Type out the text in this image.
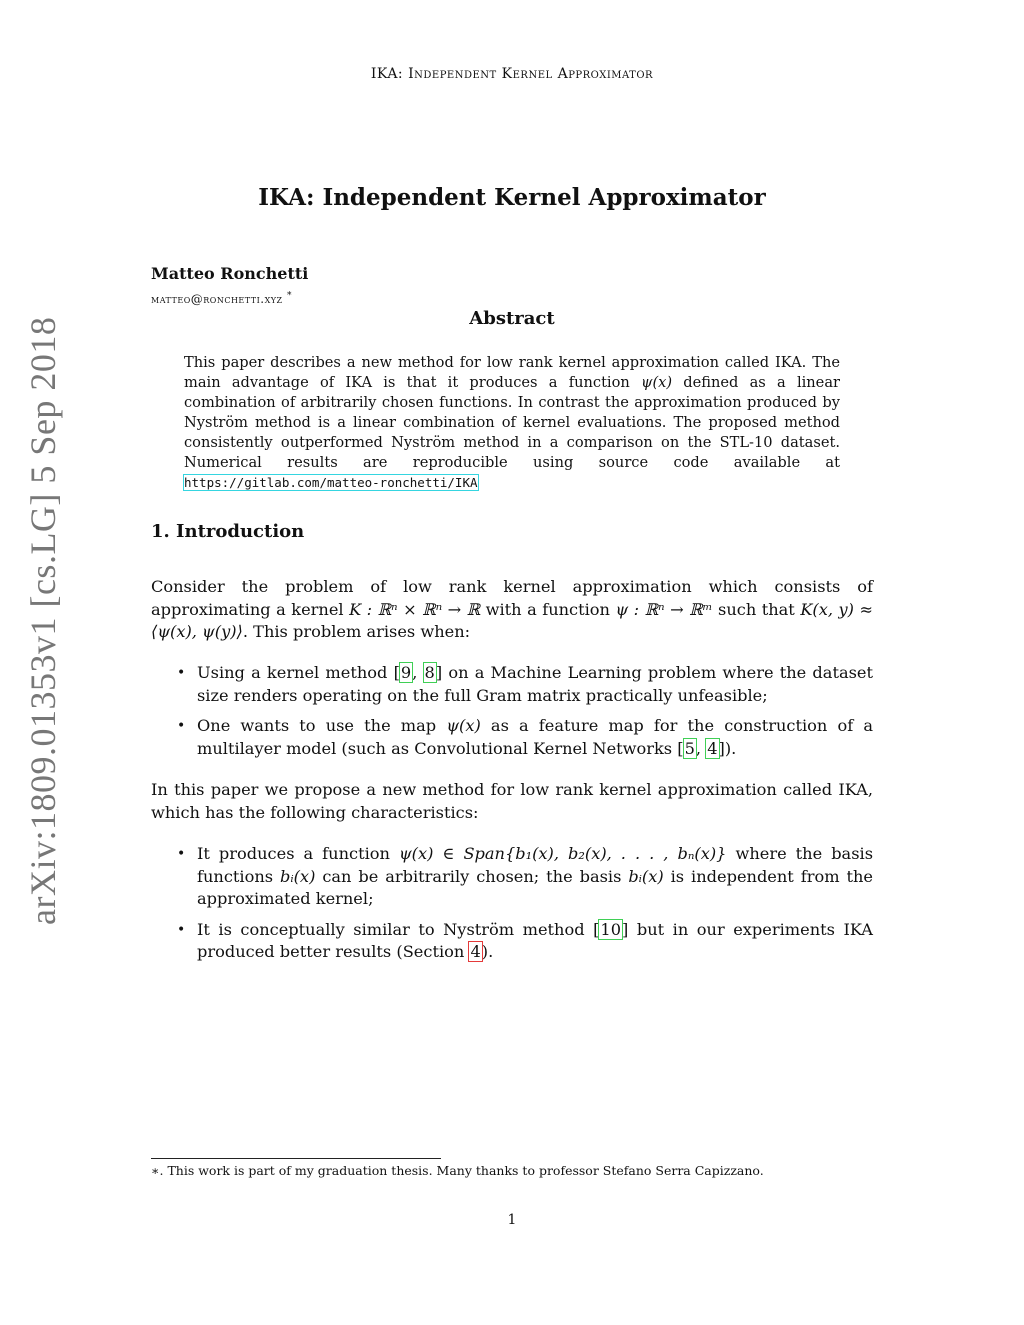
IKA: Independent Kernel Approximator
arXiv:1809.01353v1 [cs.LG] 5 Sep 2018
IKA: Independent Kernel Approximator
Matteo Ronchetti
matteo@ronchetti.xyz *
Abstract
This paper describes a new method for low rank kernel approximation called IKA. The main advantage of IKA is that it produces a function ψ(x) defined as a linear combination of arbitrarily chosen functions. In contrast the approximation produced by Nyström method is a linear combination of kernel evaluations. The proposed method consistently outperformed Nyström method in a comparison on the STL-10 dataset. Numerical results are reproducible using source code available at https://gitlab.com/matteo-ronchetti/IKA
1. Introduction
Consider the problem of low rank kernel approximation which consists of approximating a kernel K : ℝⁿ × ℝⁿ → ℝ with a function ψ : ℝⁿ → ℝᵐ such that K(x, y) ≈ ⟨ψ(x), ψ(y)⟩. This problem arises when:
• Using a kernel method [9, 8] on a Machine Learning problem where the dataset size renders operating on the full Gram matrix practically unfeasible;
• One wants to use the map ψ(x) as a feature map for the construction of a multilayer model (such as Convolutional Kernel Networks [5, 4]).
In this paper we propose a new method for low rank kernel approximation called IKA, which has the following characteristics:
• It produces a function ψ(x) ∈ Span{b₁(x), b₂(x), . . . , bₙ(x)} where the basis functions bᵢ(x) can be arbitrarily chosen; the basis bᵢ(x) is independent from the approximated kernel;
• It is conceptually similar to Nyström method [10] but in our experiments IKA produced better results (Section 4).
∗. This work is part of my graduation thesis. Many thanks to professor Stefano Serra Capizzano.
1
